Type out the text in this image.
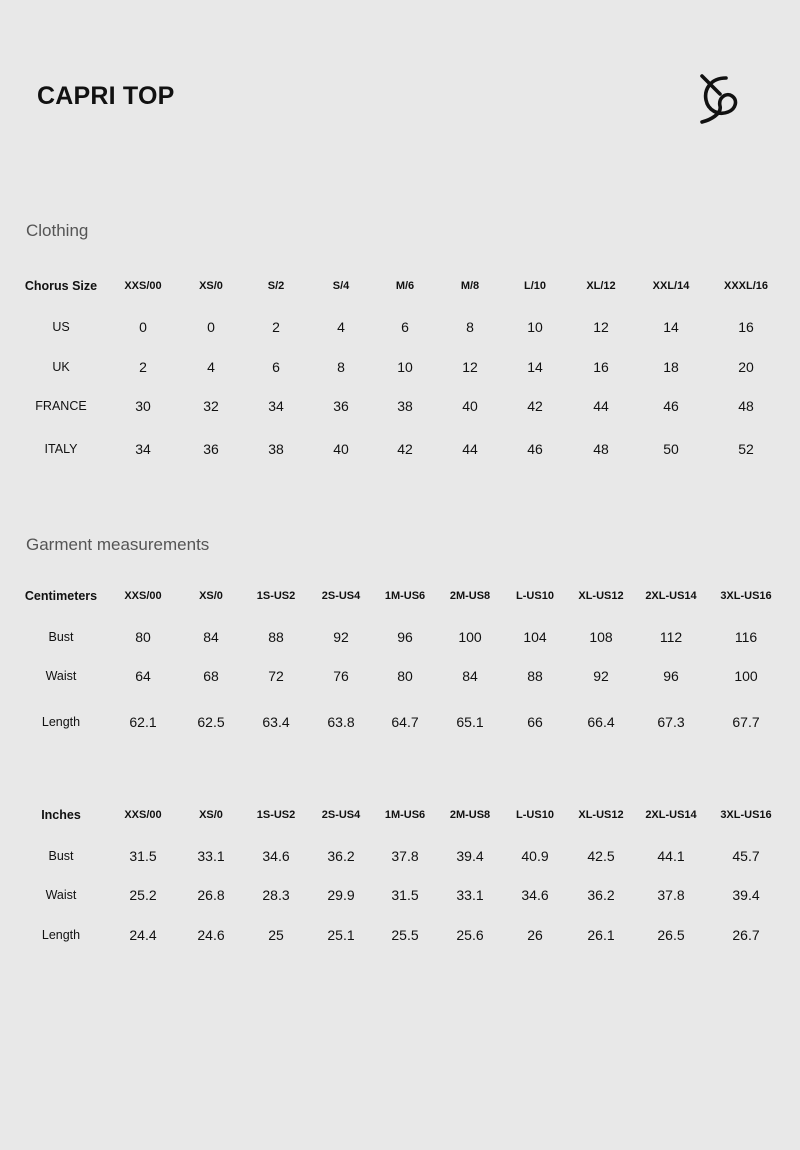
CAPRI TOP
Clothing
Chorus Size	XXS/00	XS/0	S/2	S/4	M/6	M/8	L/10	XL/12	XXL/14	XXXL/16
US	0	0	2	4	6	8	10	12	14	16
UK	2	4	6	8	10	12	14	16	18	20
FRANCE	30	32	34	36	38	40	42	44	46	48
ITALY	34	36	38	40	42	44	46	48	50	52
Garment measurements
Centimeters	XXS/00	XS/0	1S-US2	2S-US4	1M-US6	2M-US8	L-US10	XL-US12	2XL-US14	3XL-US16
Bust	80	84	88	92	96	100	104	108	112	116
Waist	64	68	72	76	80	84	88	92	96	100
Length	62.1	62.5	63.4	63.8	64.7	65.1	66	66.4	67.3	67.7
Inches	XXS/00	XS/0	1S-US2	2S-US4	1M-US6	2M-US8	L-US10	XL-US12	2XL-US14	3XL-US16
Bust	31.5	33.1	34.6	36.2	37.8	39.4	40.9	42.5	44.1	45.7
Waist	25.2	26.8	28.3	29.9	31.5	33.1	34.6	36.2	37.8	39.4
Length	24.4	24.6	25	25.1	25.5	25.6	26	26.1	26.5	26.7
